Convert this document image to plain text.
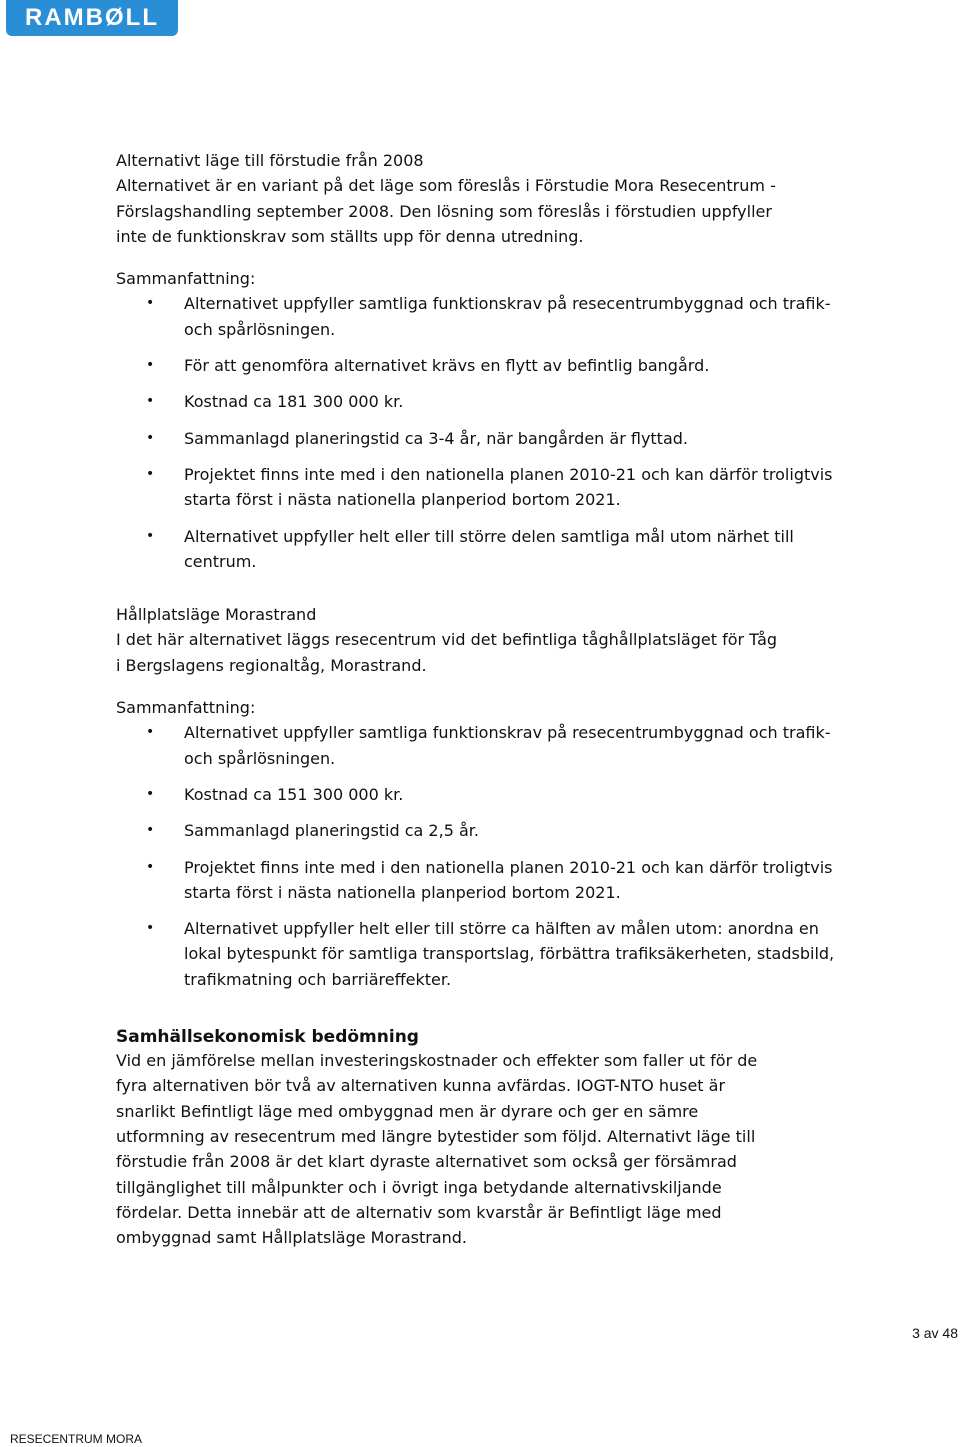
RAMBØLL

Alternativt läge till förstudie från 2008

Alternativet är en variant på det läge som föreslås i Förstudie Mora Resecentrum -

Förslagshandling september 2008. Den lösning som föreslås i förstudien uppfyller

inte de funktionskrav som ställts upp för denna utredning.

Sammanfattning:

• Alternativet uppfyller samtliga funktionskrav på resecentrumbyggnad och trafik- och spårlösningen.
• För att genomföra alternativet krävs en flytt av befintlig bangård.
• Kostnad ca 181 300 000 kr.
• Sammanlagd planeringstid ca 3-4 år, när bangården är flyttad.
• Projektet finns inte med i den nationella planen 2010-21 och kan därför troligtvis starta först i nästa nationella planperiod bortom 2021.
• Alternativet uppfyller helt eller till större delen samtliga mål utom närhet till centrum.

Hållplatsläge Morastrand

I det här alternativet läggs resecentrum vid det befintliga tåghållplatsläget för Tåg

i Bergslagens regionaltåg, Morastrand.

Sammanfattning:

• Alternativet uppfyller samtliga funktionskrav på resecentrumbyggnad och trafik- och spårlösningen.
• Kostnad ca 151 300 000 kr.
• Sammanlagd planeringstid ca 2,5 år.
• Projektet finns inte med i den nationella planen 2010-21 och kan därför troligtvis starta först i nästa nationella planperiod bortom 2021.
• Alternativet uppfyller helt eller till större ca hälften av målen utom: anordna en lokal bytespunkt för samtliga transportslag, förbättra trafiksäkerheten, stadsbild, trafikmatning och barriäreffekter.

Samhällsekonomisk bedömning

Vid en jämförelse mellan investeringskostnader och effekter som faller ut för de

fyra alternativen bör två av alternativen kunna avfärdas. IOGT-NTO huset är

snarlikt Befintligt läge med ombyggnad men är dyrare och ger en sämre

utformning av resecentrum med längre bytestider som följd. Alternativt läge till

förstudie från 2008 är det klart dyraste alternativet som också ger försämrad

tillgänglighet till målpunkter och i övrigt inga betydande alternativskiljande

fördelar. Detta innebär att de alternativ som kvarstår är Befintligt läge med

ombyggnad samt Hållplatsläge Morastrand.

3 av 48
RESECENTRUM MORA
